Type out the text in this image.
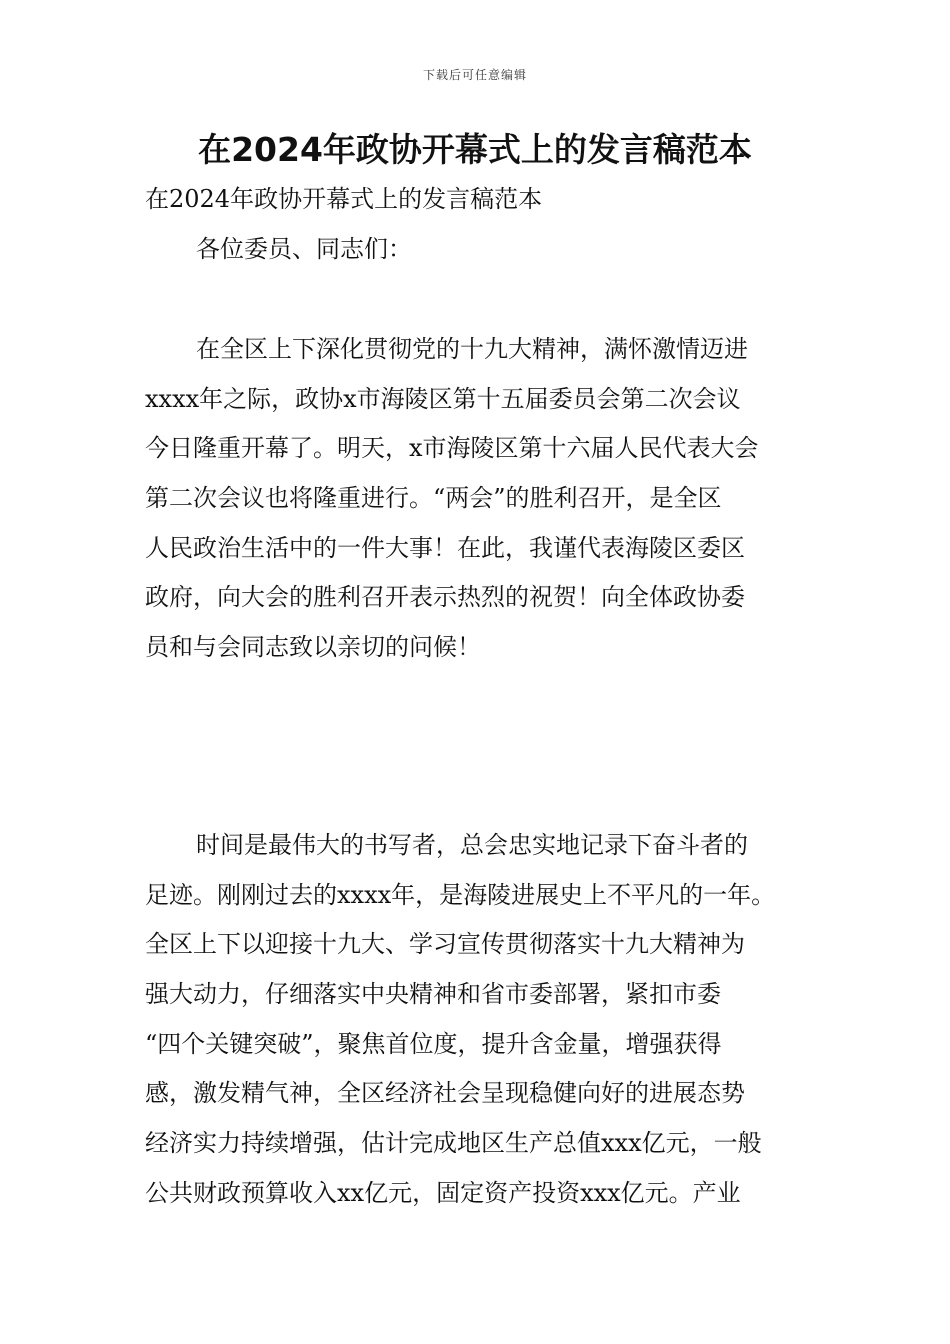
下载后可任意编辑
在2024年政协开幕式上的发言稿范本
在2024年政协开幕式上的发言稿范本
各位委员、同志们：
在全区上下深化贯彻党的十九大精神，满怀激情迈进
xxxx年之际，政协x市海陵区第十五届委员会第二次会议
今日隆重开幕了。明天，x市海陵区第十六届人民代表大会
第二次会议也将隆重进行。“两会”的胜利召开，是全区
人民政治生活中的一件大事！在此，我谨代表海陵区委区
政府，向大会的胜利召开表示热烈的祝贺！向全体政协委
员和与会同志致以亲切的问候！
时间是最伟大的书写者，总会忠实地记录下奋斗者的
足迹。刚刚过去的xxxx年，是海陵进展史上不平凡的一年。
全区上下以迎接十九大、学习宣传贯彻落实十九大精神为
强大动力，仔细落实中央精神和省市委部署，紧扣市委
“四个关键突破”，聚焦首位度，提升含金量，增强获得
感，激发精气神，全区经济社会呈现稳健向好的进展态势
经济实力持续增强，估计完成地区生产总值xxx亿元，一般
公共财政预算收入xx亿元，固定资产投资xxx亿元。产业
